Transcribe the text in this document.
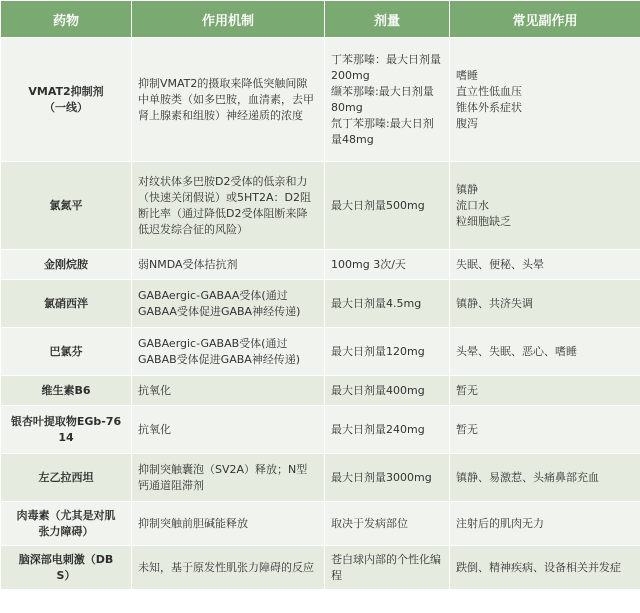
药物	作用机制	剂量	常见副作用

VMAT2抑制剂
（一线）	抑制VMAT2的摄取来降低突触间隙中单胺类（如多巴胺，血清素，去甲肾上腺素和组胺）神经递质的浓度	丁苯那嗪：最大日剂量200mg
缬苯那嗪:最大日剂量80mg
氘丁苯那嗪:最大日剂量48mg	嗜睡
直立性低血压
锥体外系症状
腹泻

氯氮平	对纹状体多巴胺D2受体的低亲和力（快速关闭假说）或5HT2A：D2阻断比率（通过降低D2受体阻断来降低迟发综合征的风险）	最大日剂量500mg	镇静
流口水
粒细胞缺乏

金刚烷胺	弱NMDA受体拮抗剂	100mg 3次/天	失眠、便秘、头晕

氯硝西泮	GABAergic-GABAA受体(通过GABAA受体促进GABA神经传递)	最大日剂量4.5mg	镇静、共济失调

巴氯芬	GABAergic-GABAB受体(通过GABAB受体促进GABA神经传递)	最大日剂量120mg	头晕、失眠、恶心、嗜睡

维生素B6	抗氧化	最大日剂量400mg	暂无

银杏叶提取物EGb-76
14	抗氧化	最大日剂量240mg	暂无

左乙拉西坦	抑制突触囊泡（SV2A）释放；N型钙通道阻滞剂	最大日剂量3000mg	镇静、易激惹、头痛鼻部充血

肉毒素（尤其是对肌
张力障碍）	抑制突触前胆碱能释放	取决于发病部位	注射后的肌肉无力

脑深部电刺激（DB
S）	未知，基于原发性肌张力障碍的反应	苍白球内部的个性化编程	跌倒、精神疾病、设备相关并发症
